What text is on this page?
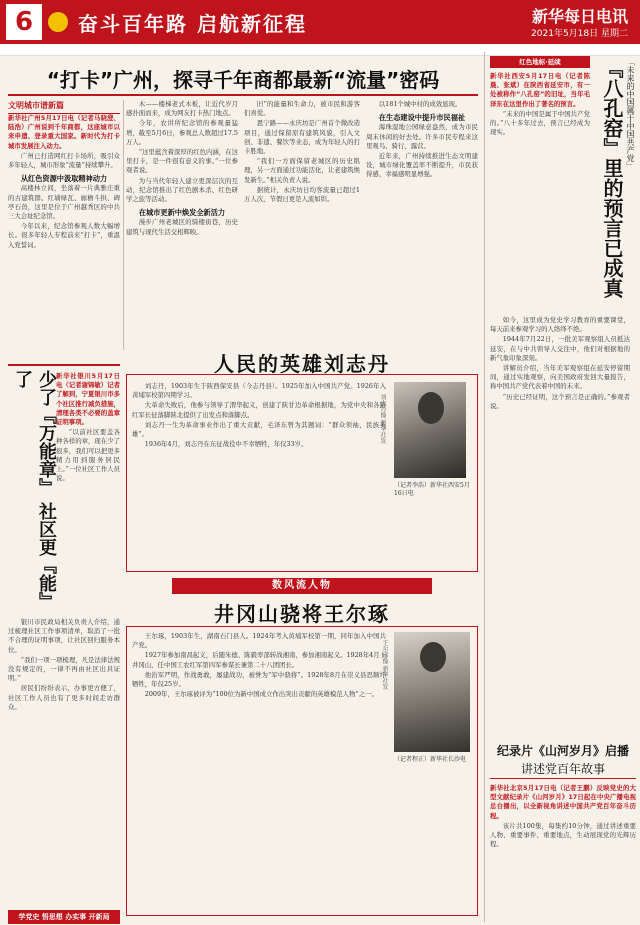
6	奋斗百年路 启航新征程	新华每日电讯
2021年5月18日 星期二
“打卡”广州，探寻千年商都最新“流量”密码
文明城市谱新篇

新华社广州5月17日电（记者马晓澄、陆浩）广州说到千年商都，这座城市以来申遗、登录重大国家。新时代为打卡城市发展注入动力。

广州已打造网红打卡场所，吸引众多年轻人，城市形象“流量”持续攀升。

从红色资源中汲取精神动力

高楼林立间，坐落着一片典雅庄重的古建筑群。红墙绿瓦、廊檐斗拱、碑亭石兽，这里是位于广州越秀区的中共三大会址纪念馆。

今年以来，纪念馆参观人数大幅增长。很多年轻人专程前来“打卡”，重温入党誓词。

木——楼梯老式木板，让近代岁月感扑面而来，成为网友打卡热门地点。

今年，农讲所纪念馆的参观量猛增，截至5月6日，参观总人数超过17.5万人。

“这里蕴含着深厚的红色内涵，在这里打卡，是一件很有意义的事。”一位参观者说。

为与当代年轻人建立更深层次的互动，纪念馆推出了红色剧本杀、红色研学之旅等活动。

在城市更新中焕发全新活力

漫步广州老城区的骑楼街巷，历史建筑与现代生活交相辉映。

旧”的能量和生命力，被市民和游客们喜爱。

恩宁路——永庆坊是广州首个微改造项目，通过保留原有建筑风貌，引入文创、非遗、餐饮等业态，成为年轻人的打卡胜地。

“我们一方面保留老城区的历史肌理，另一方面通过功能活化，让老建筑焕发新生。”相关负责人说。

据统计，永庆坊日均客流量已超过1万人次，节假日更是人流如织。

以181个城中村的成效显现。

在生态建设中提升市民福祉

海珠湿地公园绿意盎然，成为市民周末休闲的好去处。许多市民专程来这里观鸟、骑行、露营。

近年来，广州持续推进生态文明建设，城市绿化覆盖率不断提升，市民获得感、幸福感明显增强。

少了『万能章』 社区更『能』了	新华社银川5月17日电（记者谢锦敏）记者了解到，宁夏银川市多个社区推行减负措施，清理各类不必要的盖章证明事项。

“以前社区要盖各种各样的章，现在少了很多，我们可以把更多精力用到服务居民上。”一位社区工作人员说。

银川市民政局相关负责人介绍，通过梳理社区工作事项清单，取消了一批不合理的证明事项，让社区回归服务本位。

“我们一项一项梳理，凡是法律法规没有规定的，一律不再由社区出具证明。”

居民们纷纷表示，办事更方便了，社区工作人员也有了更多时间走访群众。

学党史 悟思想 办实事 开新局
人民的英雄刘志丹

刘志丹，1903年生于陕西保安县（今志丹县）。1925年加入中国共产党。1926年入黄埔军校第四期学习。

大革命失败后，他参与领导了渭华起义，创建了陕甘边革命根据地，为党中央和各路红军长征落脚陕北提供了出发点和落脚点。

刘志丹一生为革命事业作出了重大贡献，毛泽东曾为其题词：“群众领袖，民族英雄”。

1936年4月，刘志丹在东征战役中不幸牺牲，年仅33岁。

刘志丹像 新华社发
（记者李浩）新华社西安5月16日电
数风流人物
井冈山骁将王尔琢

王尔琢，1903年生，湖南石门县人。1924年考入黄埔军校第一期，同年加入中国共产党。

1927年参加南昌起义，后随朱德、陈毅率部转战湘南，参加湘南起义。1928年4月上井冈山，任中国工农红军第四军参谋长兼第二十八团团长。

他治军严明，作战勇敢，屡建战功，被誉为“军中骁将”。1928年8月在崇义县思顺圩牺牲，年仅25岁。

2009年，王尔琢被评为“100位为新中国成立作出突出贡献的英雄模范人物”之一。

王尔琢像 新华社发
（记者程正）新华社长沙电
红色地标·延续	「未来的中国属于中国共产党」
『八孔窑』里的预言已成真

新华社西安5月17日电（记者陈晨、张斌）在陕西省延安市，有一处被称作“八孔窑”的旧址，当年毛泽东在这里作出了著名的预言。

“未来的中国是属于中国共产党的。”八十多年过去，预言已经成为现实。

如今，这里成为党史学习教育的重要课堂，每天前来参观学习的人络绎不绝。

1944年7月22日，一批美军观察组人员抵达延安，在与中共领导人交往中，他们对根据地的新气象印象深刻。

讲解员介绍，当年美军观察组在延安停留期间，通过实地观察，向美国政府发回大量报告，称中国共产党代表着中国的未来。

“历史已经证明，这个预言是正确的。”参观者说。

纪录片《山河岁月》启播
讲述党百年故事

新华社北京5月17日电（记者王鹏）反映党史的大型文献纪录片《山河岁月》17日起在中央广播电视总台播出，以全新视角讲述中国共产党百年奋斗历程。

该片共100集，每集约10分钟，通过讲述重要人物、重要事件、重要地点，生动展现党的光辉历程。
